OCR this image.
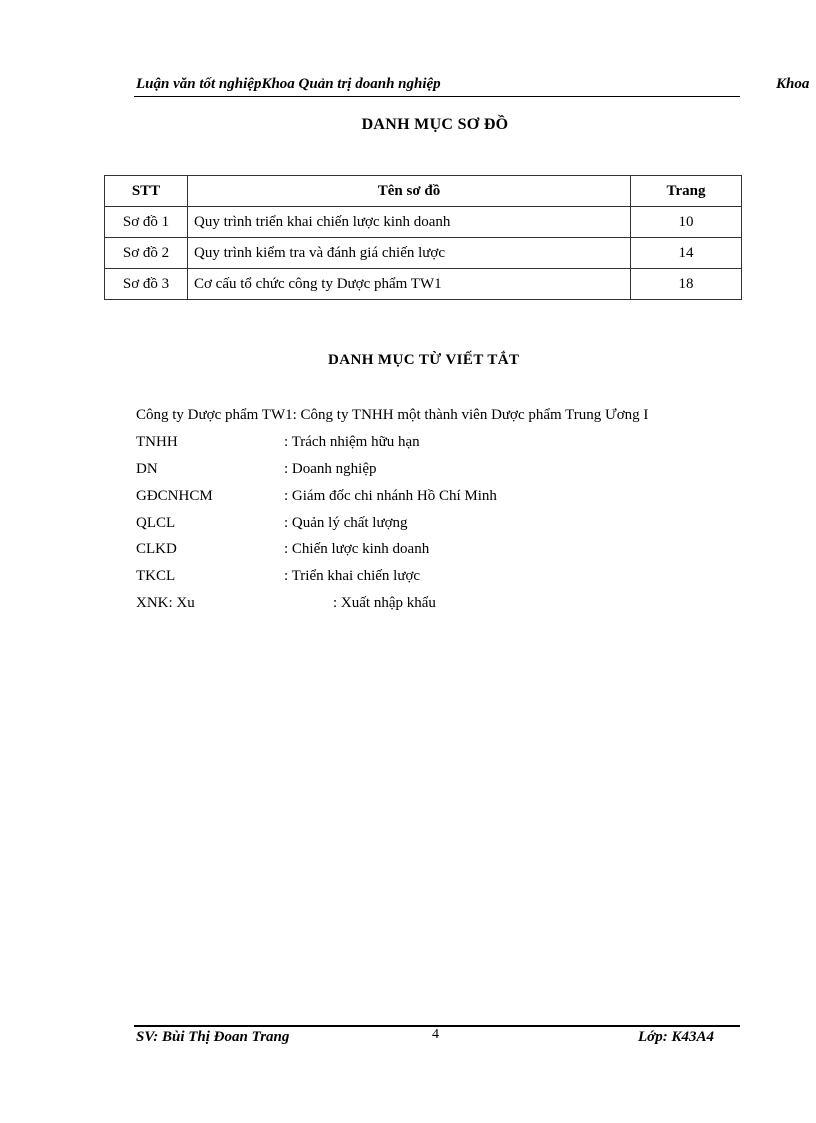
Luận văn tốt nghiệpKhoa Quản trị doanh nghiệp	Khoa
DANH MỤC SƠ ĐỒ
STT	Tên sơ đồ	Trang
Sơ đồ 1	Quy trình triển khai chiến lược kinh doanh	10
Sơ đồ 2	Quy trình kiểm tra và đánh giá chiến lược	14
Sơ đồ 3	Cơ cấu tổ chức công ty Dược phẩm TW1	18
DANH MỤC TỪ VIẾT TẮT
Công ty Dược phẩm TW1: Công ty TNHH một thành viên Dược phẩm Trung Ương I
TNHH	: Trách nhiệm hữu hạn
DN	: Doanh nghiệp
GĐCNHCM	: Giám đốc chi nhánh Hồ Chí Minh
QLCL	: Quản lý chất lượng
CLKD	: Chiến lược kinh doanh
TKCL	: Triển khai chiến lược
XNK: Xu	: Xuất nhập khẩu
SV: Bùi Thị Đoan Trang	4	Lớp: K43A4
